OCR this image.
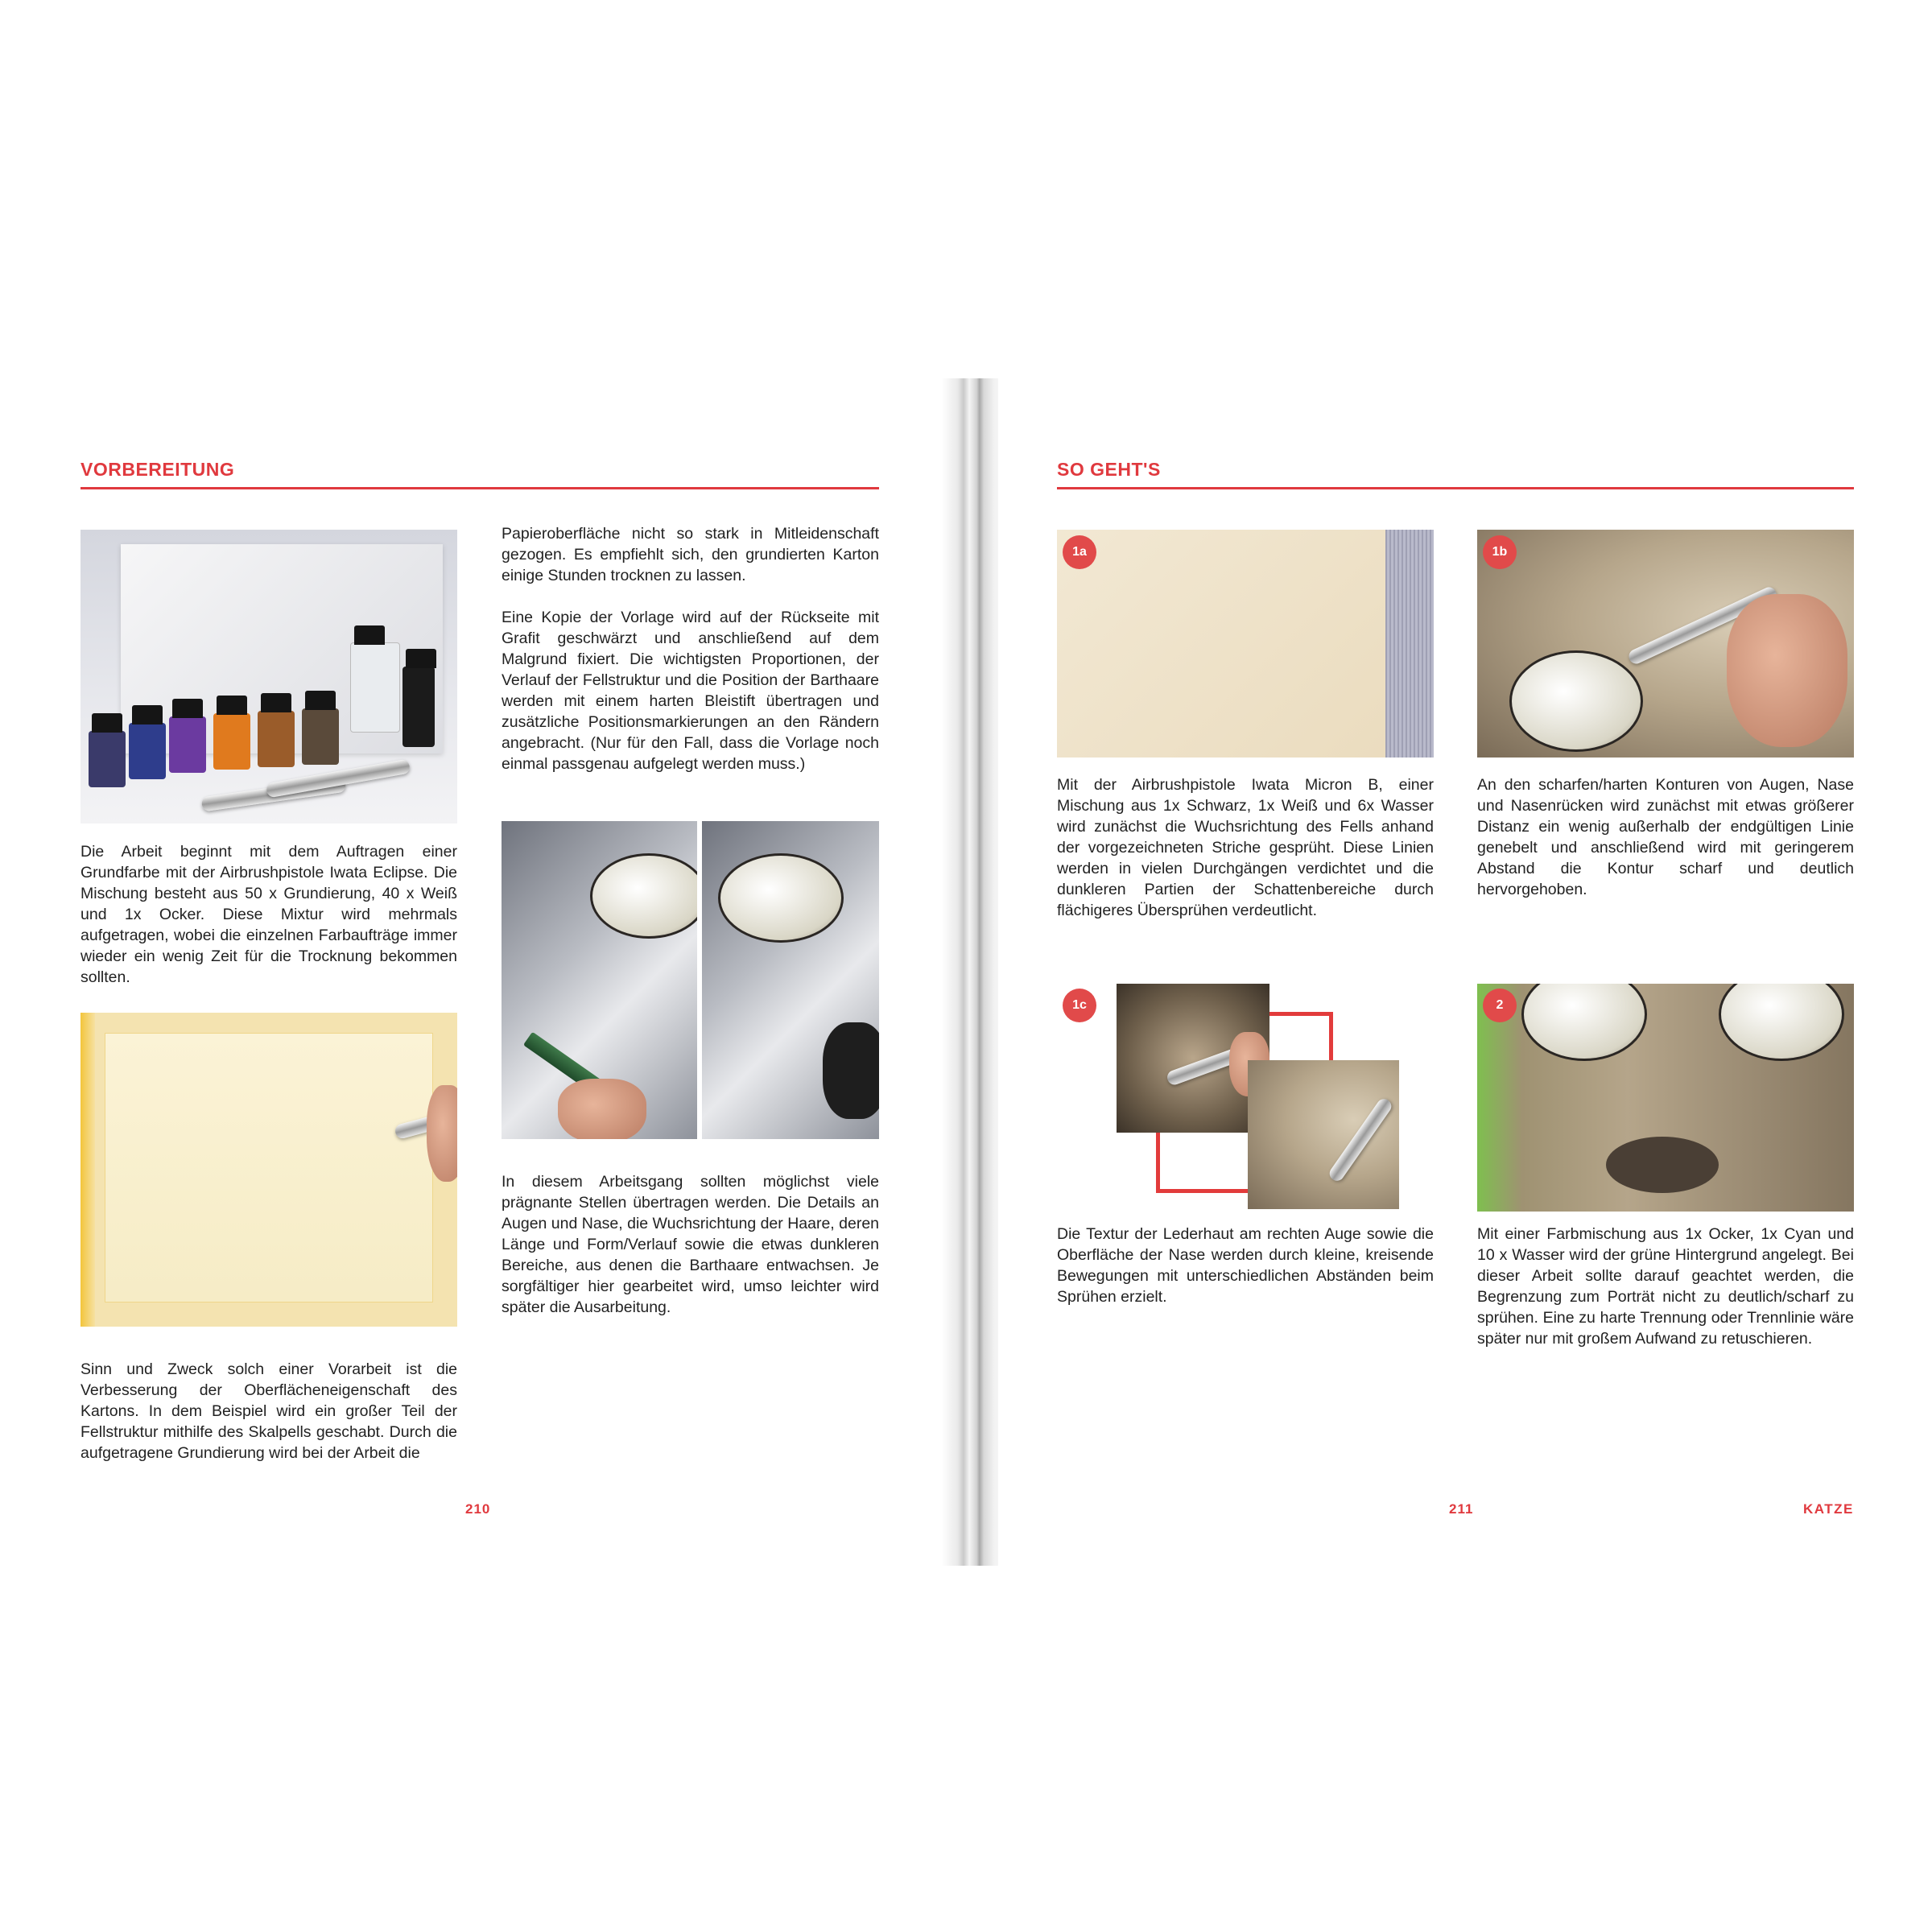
VORBEREITUNG

Die Arbeit beginnt mit dem Auftragen einer Grundfarbe mit der Airbrushpistole Iwata Eclipse. Die Mischung besteht aus 50 x Grundierung, 40 x Weiß und 1x Ocker. Diese Mixtur wird mehrmals aufgetragen, wobei die einzelnen Farbaufträge immer wieder ein wenig Zeit für die Trocknung bekommen sollten.

Sinn und Zweck solch einer Vorarbeit ist die Verbesserung der Oberflächeneigenschaft des Kartons. In dem Beispiel wird ein großer Teil der Fellstruktur mithilfe des Skalpells geschabt. Durch die aufgetragene Grundierung wird bei der Arbeit die

Papieroberfläche nicht so stark in Mitleidenschaft gezogen. Es empfiehlt sich, den grundierten Karton einige Stunden trocknen zu lassen.

Eine Kopie der Vorlage wird auf der Rückseite mit Grafit geschwärzt und anschließend auf dem Malgrund fixiert. Die wichtigsten Proportionen, der Verlauf der Fellstruktur und die Position der Barthaare werden mit einem harten Bleistift übertragen und zusätzliche Positionsmarkierungen an den Rändern angebracht. (Nur für den Fall, dass die Vorlage noch einmal passgenau aufgelegt werden muss.)

In diesem Arbeitsgang sollten möglichst viele prägnante Stellen übertragen werden. Die Details an Augen und Nase, die Wuchsrichtung der Haare, deren Länge und Form/Verlauf sowie die etwas dunkleren Bereiche, aus denen die Barthaare entwachsen. Je sorgfältiger hier gearbeitet wird, umso leichter wird später die Ausarbeitung.

210
SO GEHT'S
1a

Mit der Airbrushpistole Iwata Micron B, einer Mischung aus 1x Schwarz, 1x Weiß und 6x Wasser wird zunächst die Wuchsrichtung des Fells anhand der vorgezeichneten Striche gesprüht. Diese Linien werden in vielen Durchgängen verdichtet und die dunkleren Partien der Schattenbereiche durch flächigeres Übersprühen verdeutlicht.

1b

An den scharfen/harten Konturen von Augen, Nase und Nasenrücken wird zunächst mit etwas größerer Distanz ein wenig außerhalb der endgültigen Linie genebelt und anschließend wird mit geringerem Abstand die Kontur scharf und deutlich hervorgehoben.

1c

Die Textur der Lederhaut am rechten Auge sowie die Oberfläche der Nase werden durch kleine, kreisende Bewegungen mit unterschiedlichen Abständen beim Sprühen erzielt.

2

Mit einer Farbmischung aus 1x Ocker, 1x Cyan und 10 x Wasser wird der grüne Hintergrund angelegt. Bei dieser Arbeit sollte darauf geachtet werden, die Begrenzung zum Porträt nicht zu deutlich/scharf zu sprühen. Eine zu harte Trennung oder Trennlinie wäre später nur mit großem Aufwand zu retuschieren.

211	KATZE
